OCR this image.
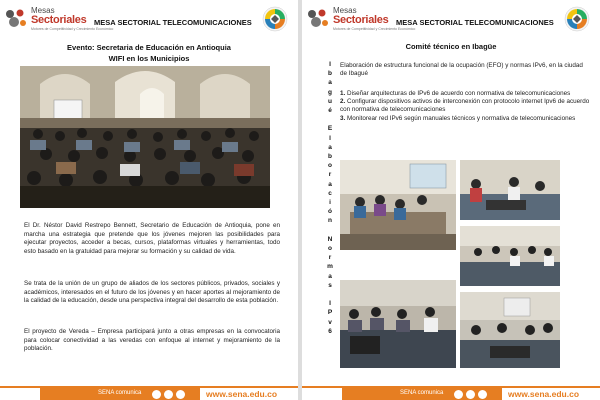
Mesas
Sectoriales
Motores de Competitividad y Crecimiento Económico
MESA SECTORIAL TELECOMUNICACIONES
Evento: Secretaria de Educación en Antioquia
WIFI en los Municipios

El Dr. Néstor David Restrepo Bennett, Secretario de Educación de Antioquia, pone en marcha una estrategia que pretende que los jóvenes mejoren las posibilidades para ejecutar proyectos, acceder a becas, cursos, plataformas virtuales y herramientas, todo esto basado en la gratuidad para mejorar su formación y su calidad de vida.

Se trata de la unión de un grupo de aliados de los sectores públicos, privados, sociales y académicos, interesados en el futuro de los jóvenes y en hacer aportes al mejoramiento de la calidad de la educación, desde una perspectiva integral del desarrollo de esta población.

El proyecto de Vereda – Empresa participará junto a otras empresas en la convocatoria para colocar conectividad a las veredas con enfoque al internet y mejoramiento de la población.

SENA comunica	www.sena.edu.co
Mesas
Sectoriales
Motores de Competitividad y Crecimiento Económico
MESA SECTORIAL TELECOMUNICACIONES
Comité técnico en Ibagüe
I
b
a
g
u
é

E
l
a
b
o
r
a
c
i
ó
n

N
o
r
m
a
s

I
P
v
6

Elaboración de estructura funcional de la ocupación (EFO) y normas IPv6, en la ciudad de Ibagué

1. Diseñar arquitecturas de IPv6 de acuerdo con normativa de telecomunicaciones
2. Configurar dispositivos activos de interconexión con protocolo internet Ipv6 de acuerdo con normativa de telecomunicaciones
3. Monitorear red IPv6 según manuales técnicos y normativa de telecomunicaciones
SENA comunica	www.sena.edu.co
